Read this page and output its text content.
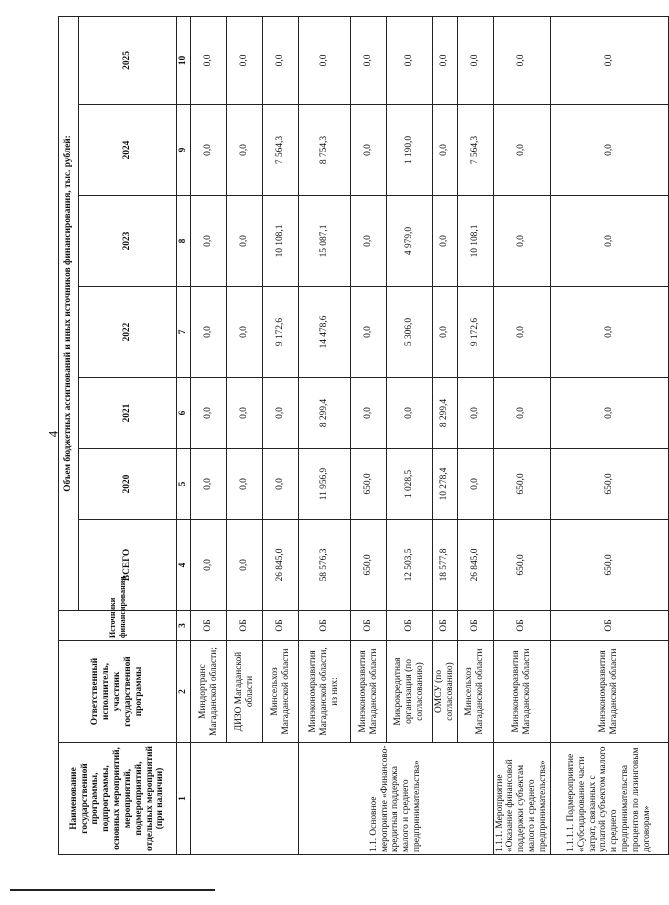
4
Наименование государственной программы, подпрограммы, основных мероприятий, мероприятий, подмероприятий, отдельных мероприятий (при наличии)	Ответственный исполнитель, участник государственной программы	Источники финансирования	Объем бюджетных ассигнований и иных источников финансирования, тыс. рублей:						
			ВСЕГО	2020	2021	2022	2023	2024	2025
1	2	3	4	5	6	7	8	9	10
	Миндортранс Магаданской области;	ОБ	0,0	0,0	0,0	0,0	0,0	0,0	0,0
	ДИЗО Магаданской области	ОБ	0,0	0,0	0,0	0,0	0,0	0,0	0,0
	Минсельхоз Магаданской области	ОБ	26 845,0	0,0	0,0	9 172,6	10 108,1	7 564,3	0,0
1.1. Основное мероприятие «Финансово-кредитная поддержка малого и среднего предпринимательства»	Минэкономразвития Магаданской области, из них:	ОБ	58 576,3	11 956,9	8 299,4	14 478,6	15 087,1	8 754,3	0,0
	Минэкономразвития Магаданской области	ОБ	650,0	650,0	0,0	0,0	0,0	0,0	0,0
	Микрокредитная организация (по согласованию)	ОБ	12 503,5	1 028,5	0,0	5 306,0	4 979,0	1 190,0	0,0
	ОМСУ (по согласованию)	ОБ	18 577,8	10 278,4	8 299,4	0,0	0,0	0,0	0,0
	Минсельхоз Магаданской области	ОБ	26 845,0	0,0	0,0	9 172,6	10 108,1	7 564,3	0,0
1.1.1. Мероприятие «Оказание финансовой поддержки субъектам малого и среднего предпринимательства»	Минэкономразвития Магаданской области	ОБ	650,0	650,0	0,0	0,0	0,0	0,0	0,0
1.1.1.1. Подмероприятие «Субсидирование части затрат, связанных с уплатой субъектом малого и среднего предпринимательства процентов по лизинговым договорам»	Минэкономразвития Магаданской области	ОБ	650,0	650,0	0,0	0,0	0,0	0,0	0,0
